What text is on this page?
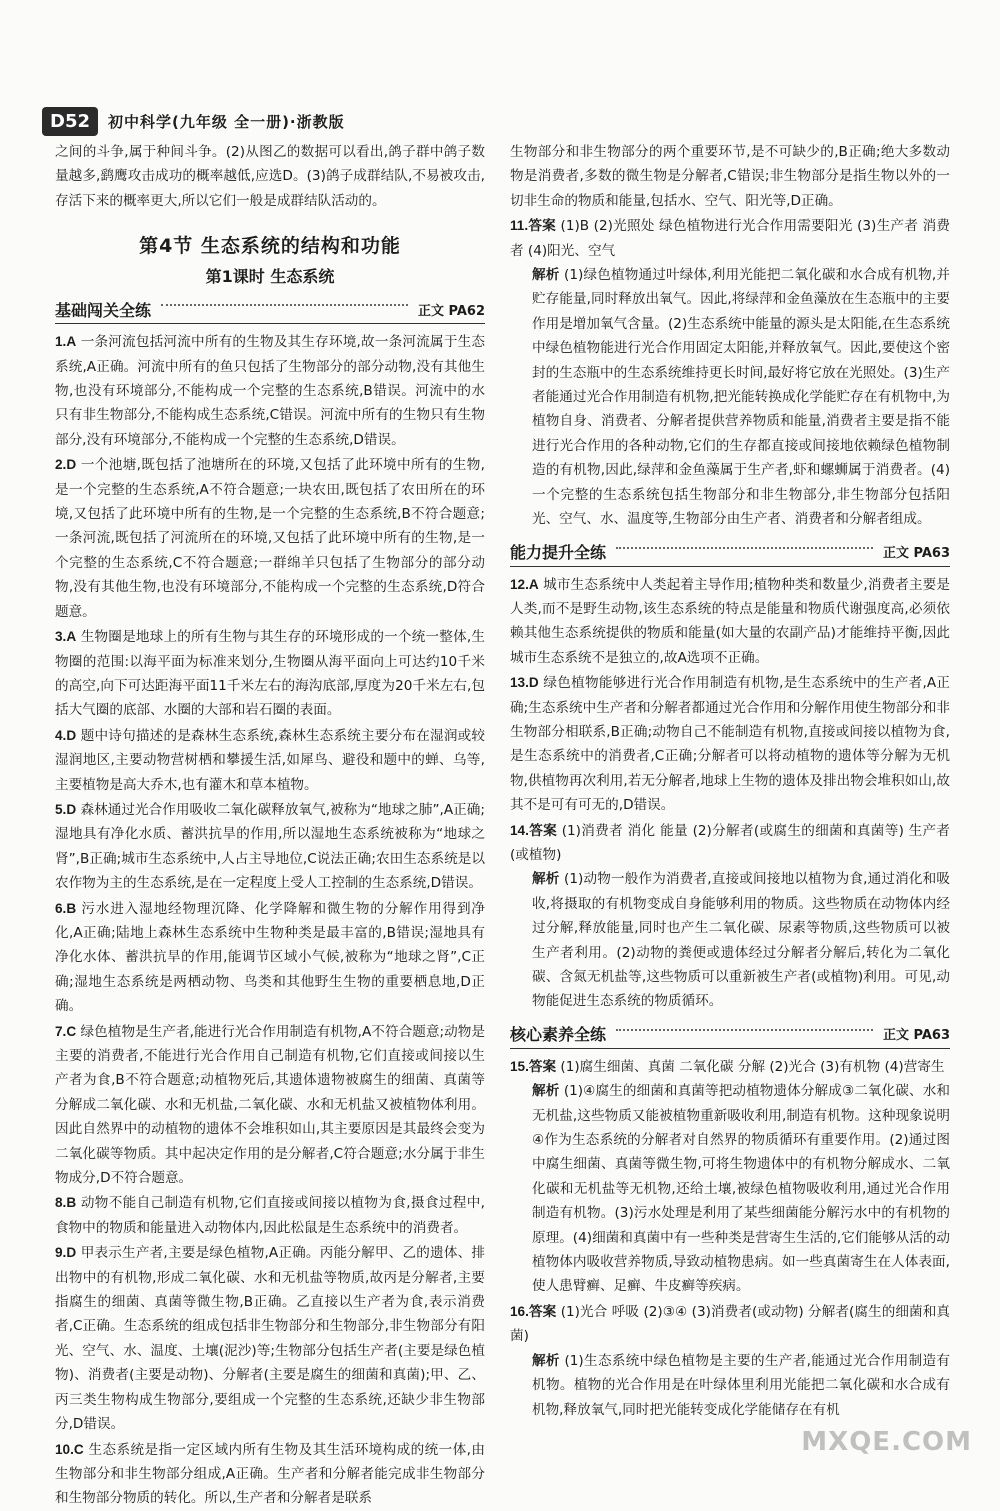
D52	初中科学(九年级 全一册)·浙教版

之间的斗争,属于种间斗争。(2)从图乙的数据可以看出,鸽子群中鸽子数量越多,鹞鹰攻击成功的概率越低,应选D。(3)鸽子成群结队,不易被攻击,存活下来的概率更大,所以它们一般是成群结队活动的。

第4节 生态系统的结构和功能
第1课时 生态系统
基础闯关全练	正文 PA62

1.A 一条河流包括河流中所有的生物及其生存环境,故一条河流属于生态系统,A正确。河流中所有的鱼只包括了生物部分的部分动物,没有其他生物,也没有环境部分,不能构成一个完整的生态系统,B错误。河流中的水只有非生物部分,不能构成生态系统,C错误。河流中所有的生物只有生物部分,没有环境部分,不能构成一个完整的生态系统,D错误。

2.D 一个池塘,既包括了池塘所在的环境,又包括了此环境中所有的生物,是一个完整的生态系统,A不符合题意;一块农田,既包括了农田所在的环境,又包括了此环境中所有的生物,是一个完整的生态系统,B不符合题意;一条河流,既包括了河流所在的环境,又包括了此环境中所有的生物,是一个完整的生态系统,C不符合题意;一群绵羊只包括了生物部分的部分动物,没有其他生物,也没有环境部分,不能构成一个完整的生态系统,D符合题意。

3.A 生物圈是地球上的所有生物与其生存的环境形成的一个统一整体,生物圈的范围:以海平面为标准来划分,生物圈从海平面向上可达约10千米的高空,向下可达距海平面11千米左右的海沟底部,厚度为20千米左右,包括大气圈的底部、水圈的大部和岩石圈的表面。

4.D 题中诗句描述的是森林生态系统,森林生态系统主要分布在湿润或较湿润地区,主要动物营树栖和攀援生活,如犀鸟、避役和题中的蝉、乌等,主要植物是高大乔木,也有灌木和草本植物。

5.D 森林通过光合作用吸收二氧化碳释放氧气,被称为“地球之肺”,A正确;湿地具有净化水质、蓄洪抗旱的作用,所以湿地生态系统被称为“地球之肾”,B正确;城市生态系统中,人占主导地位,C说法正确;农田生态系统是以农作物为主的生态系统,是在一定程度上受人工控制的生态系统,D错误。

6.B 污水进入湿地经物理沉降、化学降解和微生物的分解作用得到净化,A正确;陆地上森林生态系统中生物种类是最丰富的,B错误;湿地具有净化水体、蓄洪抗旱的作用,能调节区域小气候,被称为“地球之肾”,C正确;湿地生态系统是两栖动物、鸟类和其他野生生物的重要栖息地,D正确。

7.C 绿色植物是生产者,能进行光合作用制造有机物,A不符合题意;动物是主要的消费者,不能进行光合作用自己制造有机物,它们直接或间接以生产者为食,B不符合题意;动植物死后,其遗体遗物被腐生的细菌、真菌等分解成二氧化碳、水和无机盐,二氧化碳、水和无机盐又被植物体利用。因此自然界中的动植物的遗体不会堆积如山,其主要原因是其最终会变为二氧化碳等物质。其中起决定作用的是分解者,C符合题意;水分属于非生物成分,D不符合题意。

8.B 动物不能自己制造有机物,它们直接或间接以植物为食,摄食过程中,食物中的物质和能量进入动物体内,因此松鼠是生态系统中的消费者。

9.D 甲表示生产者,主要是绿色植物,A正确。丙能分解甲、乙的遗体、排出物中的有机物,形成二氧化碳、水和无机盐等物质,故丙是分解者,主要指腐生的细菌、真菌等微生物,B正确。乙直接以生产者为食,表示消费者,C正确。生态系统的组成包括非生物部分和生物部分,非生物部分有阳光、空气、水、温度、土壤(泥沙)等;生物部分包括生产者(主要是绿色植物)、消费者(主要是动物)、分解者(主要是腐生的细菌和真菌);甲、乙、丙三类生物构成生物部分,要组成一个完整的生态系统,还缺少非生物部分,D错误。

10.C 生态系统是指一定区域内所有生物及其生活环境构成的统一体,由生物部分和非生物部分组成,A正确。生产者和分解者能完成非生物部分和生物部分物质的转化。所以,生产者和分解者是联系

生物部分和非生物部分的两个重要环节,是不可缺少的,B正确;绝大多数动物是消费者,多数的微生物是分解者,C错误;非生物部分是指生物以外的一切非生命的物质和能量,包括水、空气、阳光等,D正确。

11.答案 (1)B (2)光照处 绿色植物进行光合作用需要阳光 (3)生产者 消费者 (4)阳光、空气

解析 (1)绿色植物通过叶绿体,利用光能把二氧化碳和水合成有机物,并贮存能量,同时释放出氧气。因此,将绿萍和金鱼藻放在生态瓶中的主要作用是增加氧气含量。(2)生态系统中能量的源头是太阳能,在生态系统中绿色植物能进行光合作用固定太阳能,并释放氧气。因此,要使这个密封的生态瓶中的生态系统维持更长时间,最好将它放在光照处。(3)生产者能通过光合作用制造有机物,把光能转换成化学能贮存在有机物中,为植物自身、消费者、分解者提供营养物质和能量,消费者主要是指不能进行光合作用的各种动物,它们的生存都直接或间接地依赖绿色植物制造的有机物,因此,绿萍和金鱼藻属于生产者,虾和螺蛳属于消费者。(4)一个完整的生态系统包括生物部分和非生物部分,非生物部分包括阳光、空气、水、温度等,生物部分由生产者、消费者和分解者组成。

能力提升全练	正文 PA63

12.A 城市生态系统中人类起着主导作用;植物种类和数量少,消费者主要是人类,而不是野生动物,该生态系统的特点是能量和物质代谢强度高,必须依赖其他生态系统提供的物质和能量(如大量的农副产品)才能维持平衡,因此城市生态系统不是独立的,故A选项不正确。

13.D 绿色植物能够进行光合作用制造有机物,是生态系统中的生产者,A正确;生态系统中生产者和分解者都通过光合作用和分解作用使生物部分和非生物部分相联系,B正确;动物自己不能制造有机物,直接或间接以植物为食,是生态系统中的消费者,C正确;分解者可以将动植物的遗体等分解为无机物,供植物再次利用,若无分解者,地球上生物的遗体及排出物会堆积如山,故其不是可有可无的,D错误。

14.答案 (1)消费者 消化 能量 (2)分解者(或腐生的细菌和真菌等) 生产者(或植物)

解析 (1)动物一般作为消费者,直接或间接地以植物为食,通过消化和吸收,将摄取的有机物变成自身能够利用的物质。这些物质在动物体内经过分解,释放能量,同时也产生二氧化碳、尿素等物质,这些物质可以被生产者利用。(2)动物的粪便或遗体经过分解者分解后,转化为二氧化碳、含氮无机盐等,这些物质可以重新被生产者(或植物)利用。可见,动物能促进生态系统的物质循环。

核心素养全练	正文 PA63

15.答案 (1)腐生细菌、真菌 二氧化碳 分解 (2)光合 (3)有机物 (4)营寄生

解析 (1)④腐生的细菌和真菌等把动植物遗体分解成③二氧化碳、水和无机盐,这些物质又能被植物重新吸收利用,制造有机物。这种现象说明④作为生态系统的分解者对自然界的物质循环有重要作用。(2)通过图中腐生细菌、真菌等微生物,可将生物遗体中的有机物分解成水、二氧化碳和无机盐等无机物,还给土壤,被绿色植物吸收利用,通过光合作用制造有机物。(3)污水处理是利用了某些细菌能分解污水中的有机物的原理。(4)细菌和真菌中有一些种类是营寄生生活的,它们能够从活的动植物体内吸收营养物质,导致动植物患病。如一些真菌寄生在人体表面,使人患臂癣、足癣、牛皮癣等疾病。

16.答案 (1)光合 呼吸 (2)③④ (3)消费者(或动物) 分解者(腐生的细菌和真菌)

解析 (1)生态系统中绿色植物是主要的生产者,能通过光合作用制造有机物。植物的光合作用是在叶绿体里利用光能把二氧化碳和水合成有机物,释放氧气,同时把光能转变成化学能储存在有机

MXQE.COM
